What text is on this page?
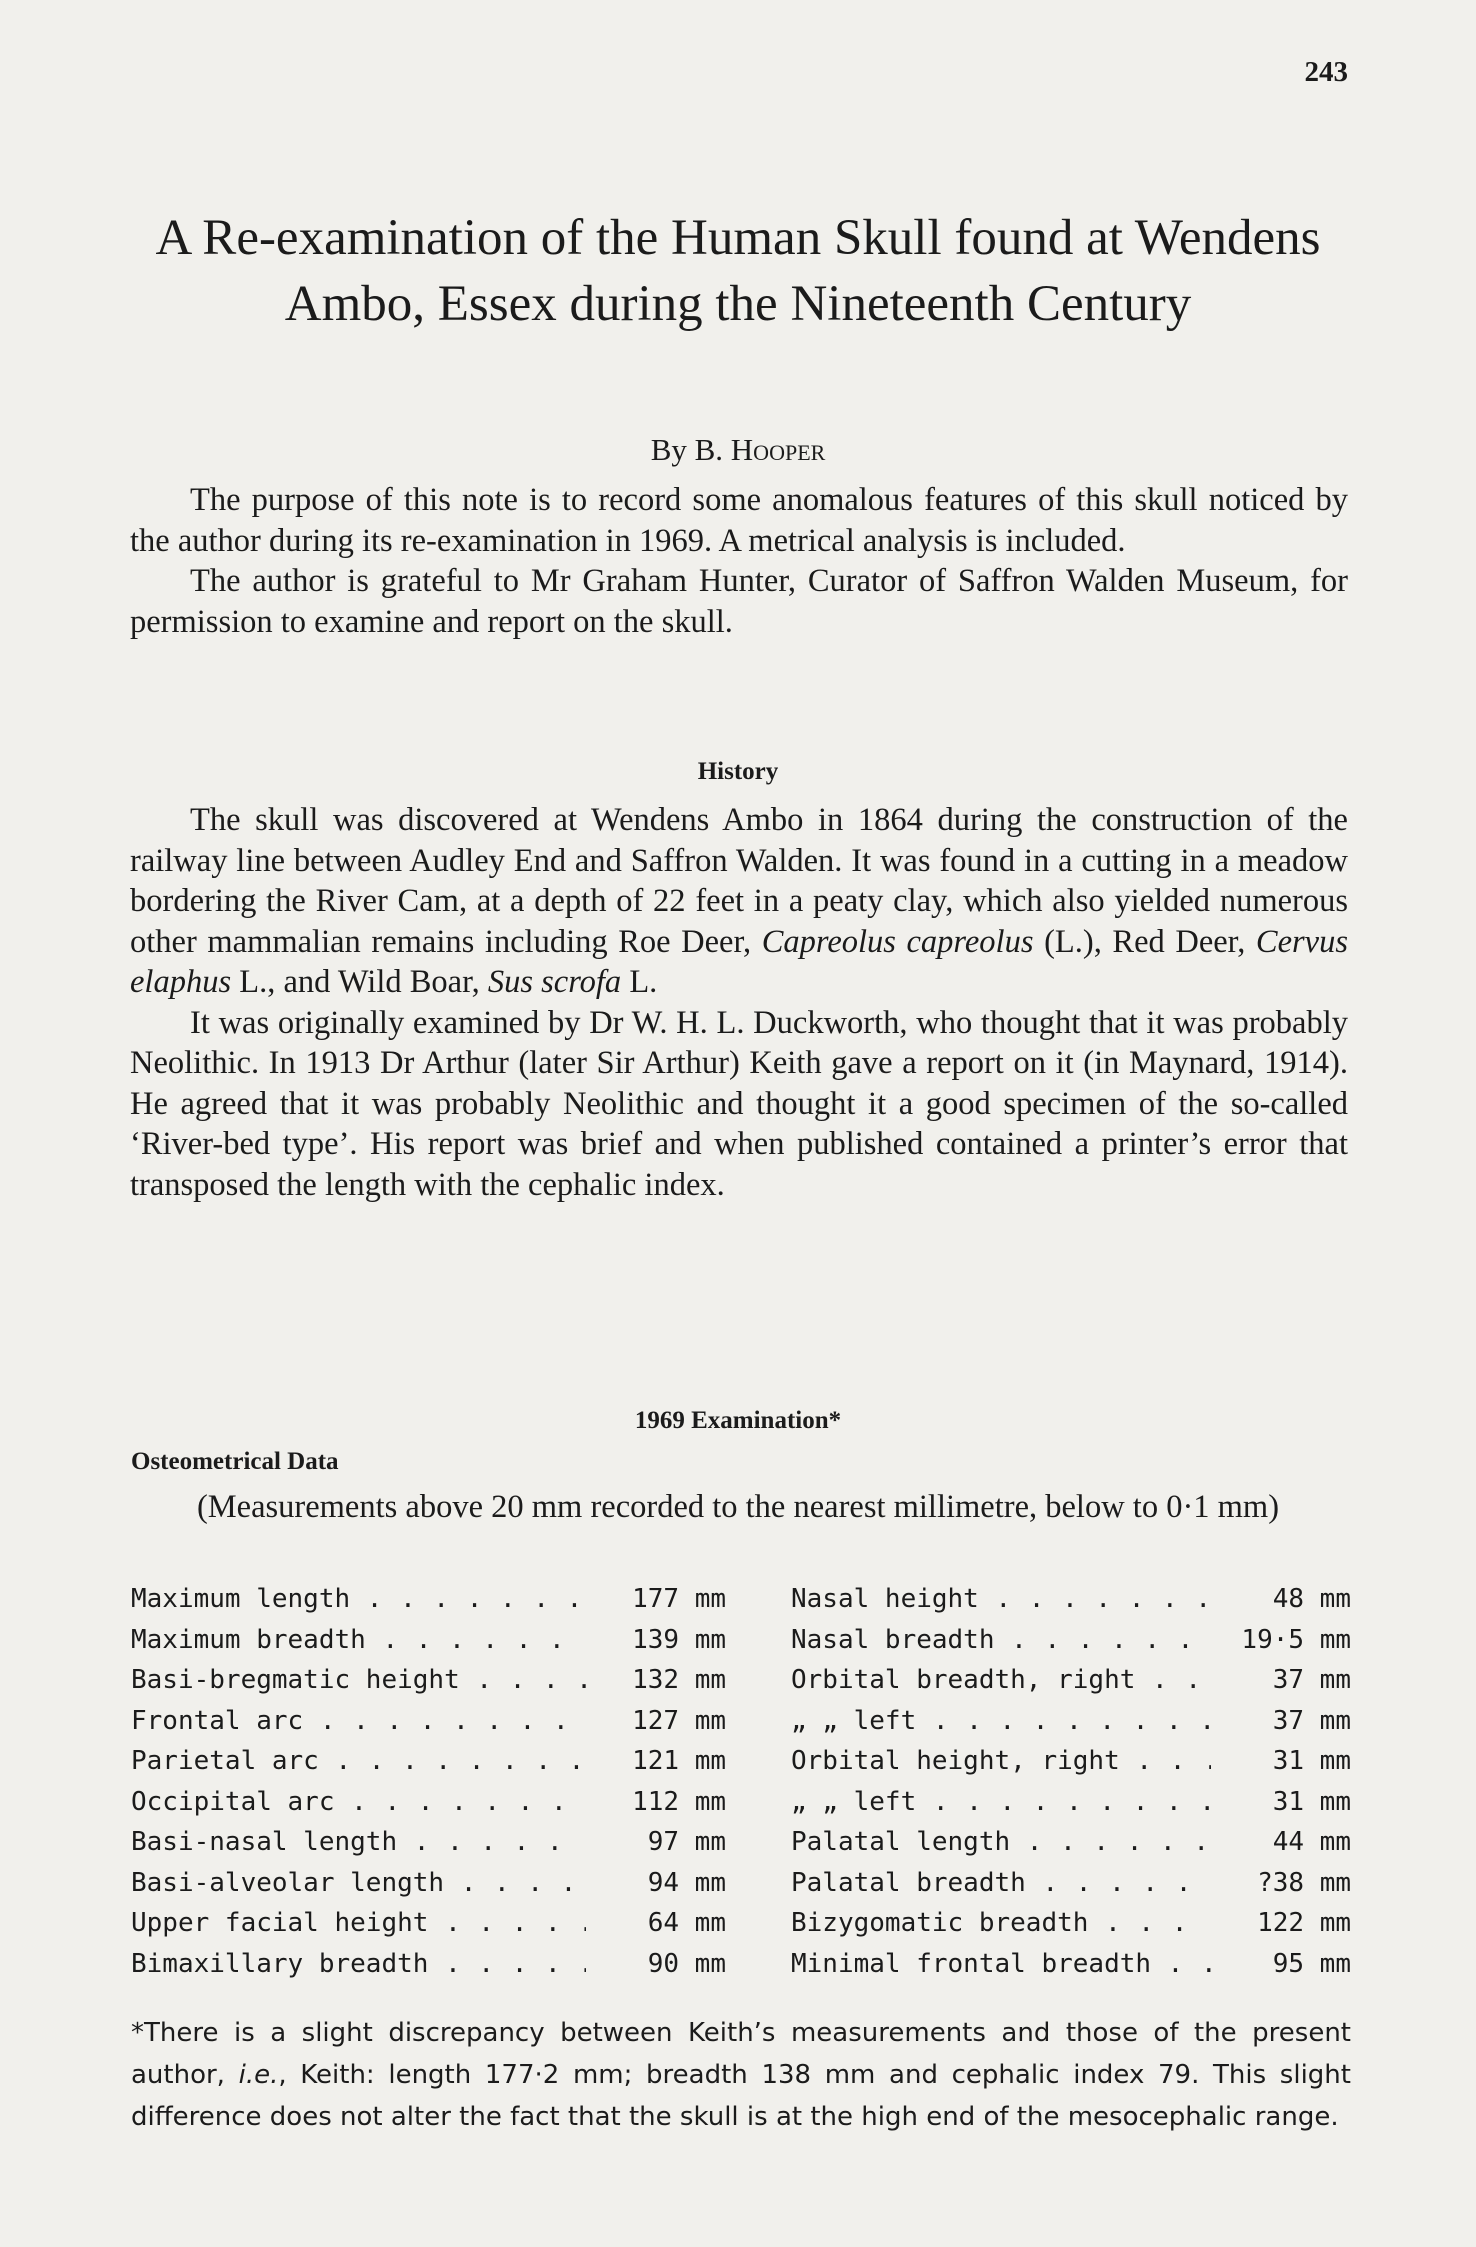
243
A Re-examination of the Human Skull found at Wendens Ambo, Essex during the Nineteenth Century
By B. Hooper

The purpose of this note is to record some anomalous features of this skull noticed by the author during its re-examination in 1969. A metrical analysis is included.

The author is grateful to Mr Graham Hunter, Curator of Saffron Walden Museum, for permission to examine and report on the skull.

History

The skull was discovered at Wendens Ambo in 1864 during the construction of the railway line between Audley End and Saffron Walden. It was found in a cutting in a meadow bordering the River Cam, at a depth of 22 feet in a peaty clay, which also yielded numerous other mammalian remains including Roe Deer, Capreolus capreolus (L.), Red Deer, Cervus elaphus L., and Wild Boar, Sus scrofa L.

It was originally examined by Dr W. H. L. Duckworth, who thought that it was probably Neolithic. In 1913 Dr Arthur (later Sir Arthur) Keith gave a report on it (in Maynard, 1914). He agreed that it was probably Neolithic and thought it a good specimen of the so-called ‘River-bed type’. His report was brief and when published contained a printer’s error that transposed the length with the cephalic index.

1969 Examination*
Osteometrical Data
(Measurements above 20 mm recorded to the nearest millimetre, below to 0·1 mm)
Maximum length . . .	177 mm	Nasal height . . .	48 mm
Maximum breadth . . .	139 mm	Nasal breadth . . .	19·5 mm
Basi-bregmatic height . . .	132 mm	Orbital breadth, right . . .	37 mm
Frontal arc . . .	127 mm	„ „ left . . .	37 mm
Parietal arc . . .	121 mm	Orbital height, right . . .	31 mm
Occipital arc . . .	112 mm	„ „ left . . .	31 mm
Basi-nasal length . . .	97 mm	Palatal length . . .	44 mm
Basi-alveolar length . . .	94 mm	Palatal breadth . . .	?38 mm
Upper facial height . . .	64 mm	Bizygomatic breadth . . .	122 mm
Bimaxillary breadth . . .	90 mm	Minimal frontal breadth . . .	95 mm

*There is a slight discrepancy between Keith’s measurements and those of the present author, i.e., Keith: length 177·2 mm; breadth 138 mm and cephalic index 79. This slight difference does not alter the fact that the skull is at the high end of the mesocephalic range.
